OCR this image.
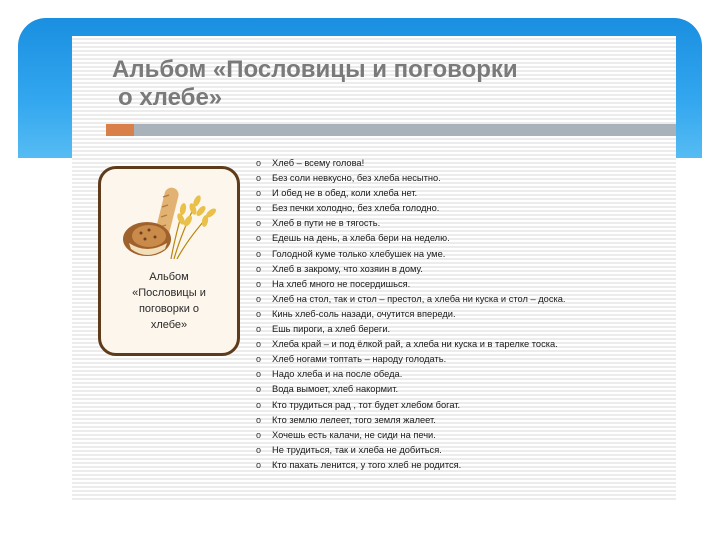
Альбом «Пословицы и поговорки
о хлебе»
Альбом
«Пословицы и
поговорки о
хлебе»
o Хлеб – всему голова!
o Без соли невкусно, без хлеба несытно.
o И обед не в обед, коли хлеба нет.
o Без печки холодно, без хлеба голодно.
o Хлеб в пути не в тягость.
o Едешь на день, а хлеба бери на неделю.
o Голодной куме только хлебушек на уме.
o Хлеб в закрому, что хозяин в дому.
o На хлеб много не посердишься.
o Хлеб на стол, так и стол – престол, а хлеба ни куска и стол – доска.
o Кинь хлеб-соль назади, очутится впереди.
o Ешь пироги, а хлеб береги.
o Хлеба край – и под ёлкой рай, а хлеба ни куска и в тарелке тоска.
o Хлеб ногами топтать – народу голодать.
o Надо хлеба и на после обеда.
o Вода вымоет, хлеб накормит.
o Кто трудиться рад , тот будет хлебом богат.
o Кто землю лелеет, того земля жалеет.
o Хочешь есть калачи, не сиди на печи.
o Не трудиться, так и хлеба не добиться.
o Кто пахать ленится, у того хлеб не родится.
